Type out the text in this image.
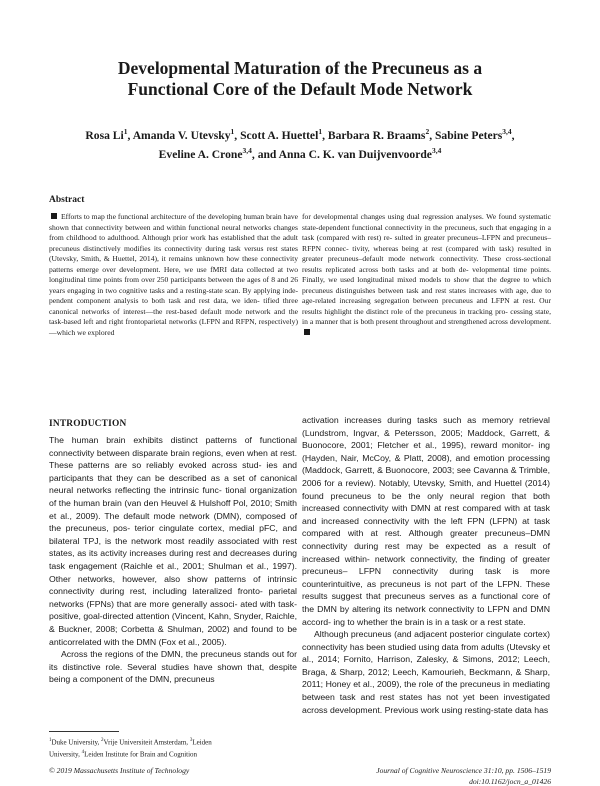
Developmental Maturation of the Precuneus as a
Functional Core of the Default Mode Network
Rosa Li$^1$, Amanda V. Utevsky$^1$, Scott A. Huettel$^1$, Barbara R. Braams$^2$, Sabine Peters$^{3,4}$,
Eveline A. Crone$^{3,4}$, and Anna C. K. van Duijvenvoorde$^{3,4}$
Abstract
Efforts to map the functional architecture of the developing human brain have shown that connectivity between and within functional neural networks changes from childhood to adulthood. Although prior work has established that the adult precuneus distinctively modifies its connectivity during task versus rest states (Utevsky, Smith, & Huettel, 2014), it remains unknown how these connectivity patterns emerge over development. Here, we use fMRI data collected at two longitudinal time points from over 250 participants between the ages of 8 and 26 years engaging in two cognitive tasks and a resting-state scan. By applying inde- pendent component analysis to both task and rest data, we iden- tified three canonical networks of interest—the rest-based default mode network and the task-based left and right frontoparietal networks (LFPN and RFPN, respectively)—which we explored
for developmental changes using dual regression analyses. We found systematic state-dependent functional connectivity in the precuneus, such that engaging in a task (compared with rest) re- sulted in greater precuneus–LFPN and precuneus–RFPN connec- tivity, whereas being at rest (compared with task) resulted in greater precuneus–default mode network connectivity. These cross-sectional results replicated across both tasks and at both de- velopmental time points. Finally, we used longitudinal mixed models to show that the degree to which precuneus distinguishes between task and rest states increases with age, due to age-related increasing segregation between precuneus and LFPN at rest. Our results highlight the distinct role of the precuneus in tracking pro- cessing state, in a manner that is both present throughout and strengthened across development.
INTRODUCTION

The human brain exhibits distinct patterns of functional connectivity between disparate brain regions, even when at rest. These patterns are so reliably evoked across stud- ies and participants that they can be described as a set of canonical neural networks reflecting the intrinsic func- tional organization of the human brain (van den Heuvel & Hulshoff Pol, 2010; Smith et al., 2009). The default mode network (DMN), composed of the precuneus, pos- terior cingulate cortex, medial pFC, and bilateral TPJ, is the network most readily associated with rest states, as its activity increases during rest and decreases during task engagement (Raichle et al., 2001; Shulman et al., 1997). Other networks, however, also show patterns of intrinsic connectivity during rest, including lateralized fronto- parietal networks (FPNs) that are more generally associ- ated with task-positive, goal-directed attention (Vincent, Kahn, Snyder, Raichle, & Buckner, 2008; Corbetta & Shulman, 2002) and found to be anticorrelated with the DMN (Fox et al., 2005).

Across the regions of the DMN, the precuneus stands out for its distinctive role. Several studies have shown that, despite being a component of the DMN, precuneus

activation increases during tasks such as memory retrieval (Lundstrom, Ingvar, & Petersson, 2005; Maddock, Garrett, & Buonocore, 2001; Fletcher et al., 1995), reward monitor- ing (Hayden, Nair, McCoy, & Platt, 2008), and emotion processing (Maddock, Garrett, & Buonocore, 2003; see Cavanna & Trimble, 2006 for a review). Notably, Utevsky, Smith, and Huettel (2014) found precuneus to be the only neural region that both increased connectivity with DMN at rest compared with at task and increased connectivity with the left FPN (LFPN) at task compared with at rest. Although greater precuneus–DMN connectivity during rest may be expected as a result of increased within- network connectivity, the finding of greater precuneus– LFPN connectivity during task is more counterintuitive, as precuneus is not part of the LFPN. These results suggest that precuneus serves as a functional core of the DMN by altering its network connectivity to LFPN and DMN accord- ing to whether the brain is in a task or a rest state.

Although precuneus (and adjacent posterior cingulate cortex) connectivity has been studied using data from adults (Utevsky et al., 2014; Fornito, Harrison, Zalesky, & Simons, 2012; Leech, Braga, & Sharp, 2012; Leech, Kamourieh, Beckmann, & Sharp, 2011; Honey et al., 2009), the role of the precuneus in mediating between task and rest states has not yet been investigated across development. Previous work using resting-state data has

$^1$Duke University, $^2$Vrije Universiteit Amsterdam, $^3$Leiden
University, $^4$Leiden Institute for Brain and Cognition
© 2019 Massachusetts Institute of Technology	Journal of Cognitive Neuroscience 31:10, pp. 1506–1519
doi:10.1162/jocn_a_01426
